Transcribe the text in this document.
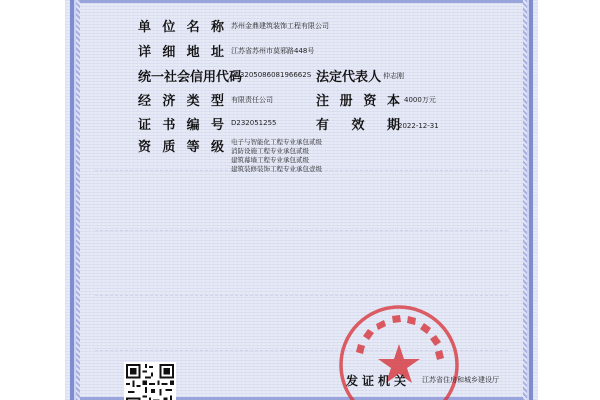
单 位 名 称 苏州金鼎建筑装饰工程有限公司
详 细 地 址 江苏省苏州市莫邪路448号
统一社会信用代码
91320508608196662S 法 定 代 表 人 仲志刚
经 济 类 型 有限责任公司	注 册 资 本 4000万元
证 书 编 号 D232051255	有 效 期
2022-12-31
资 质 等 级 电子与智能化工程专业承包贰级
消防设施工程专业承包贰级
建筑幕墙工程专业承包贰级
建筑装修装饰工程专业承包壹级
发证机关 江苏省住房和城乡建设厅
